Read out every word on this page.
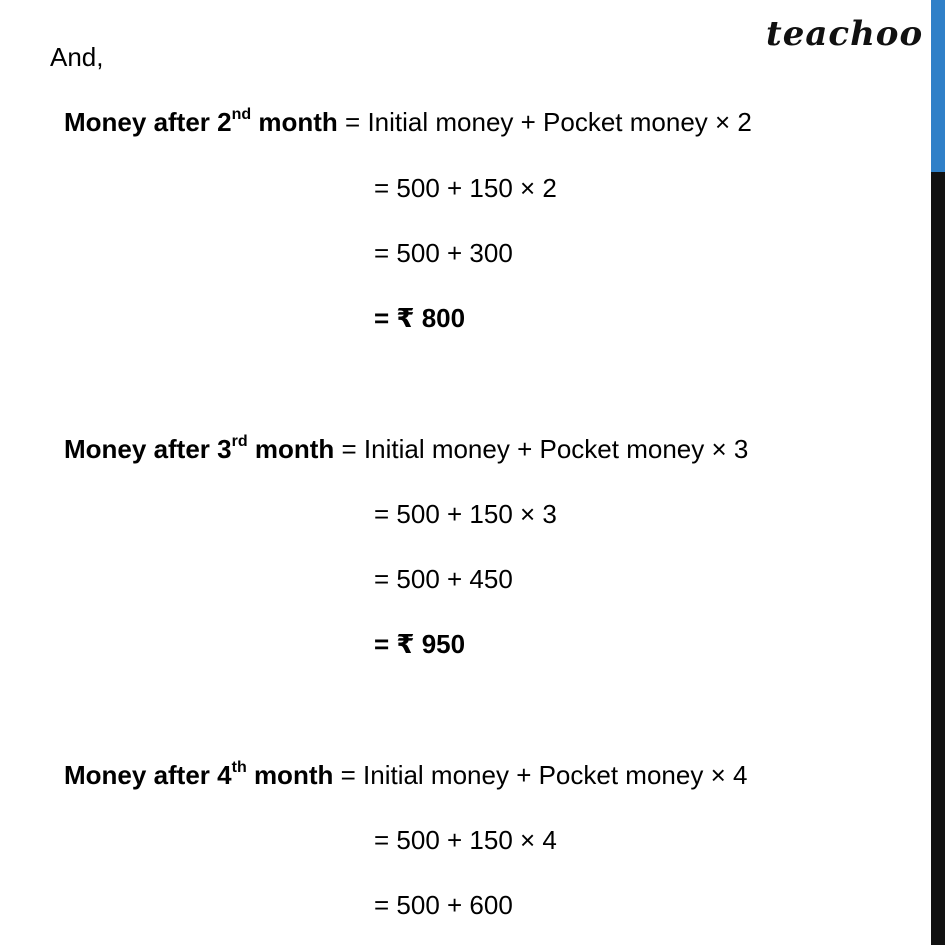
teachoo
And,
Money after 2nd month = Initial money + Pocket money × 2
= 500 + 150 × 2
= 500 + 300
= ₹ 800
Money after 3rd month = Initial money + Pocket money × 3
= 500 + 150 × 3
= 500 + 450
= ₹ 950
Money after 4th month = Initial money + Pocket money × 4
= 500 + 150 × 4
= 500 + 600
